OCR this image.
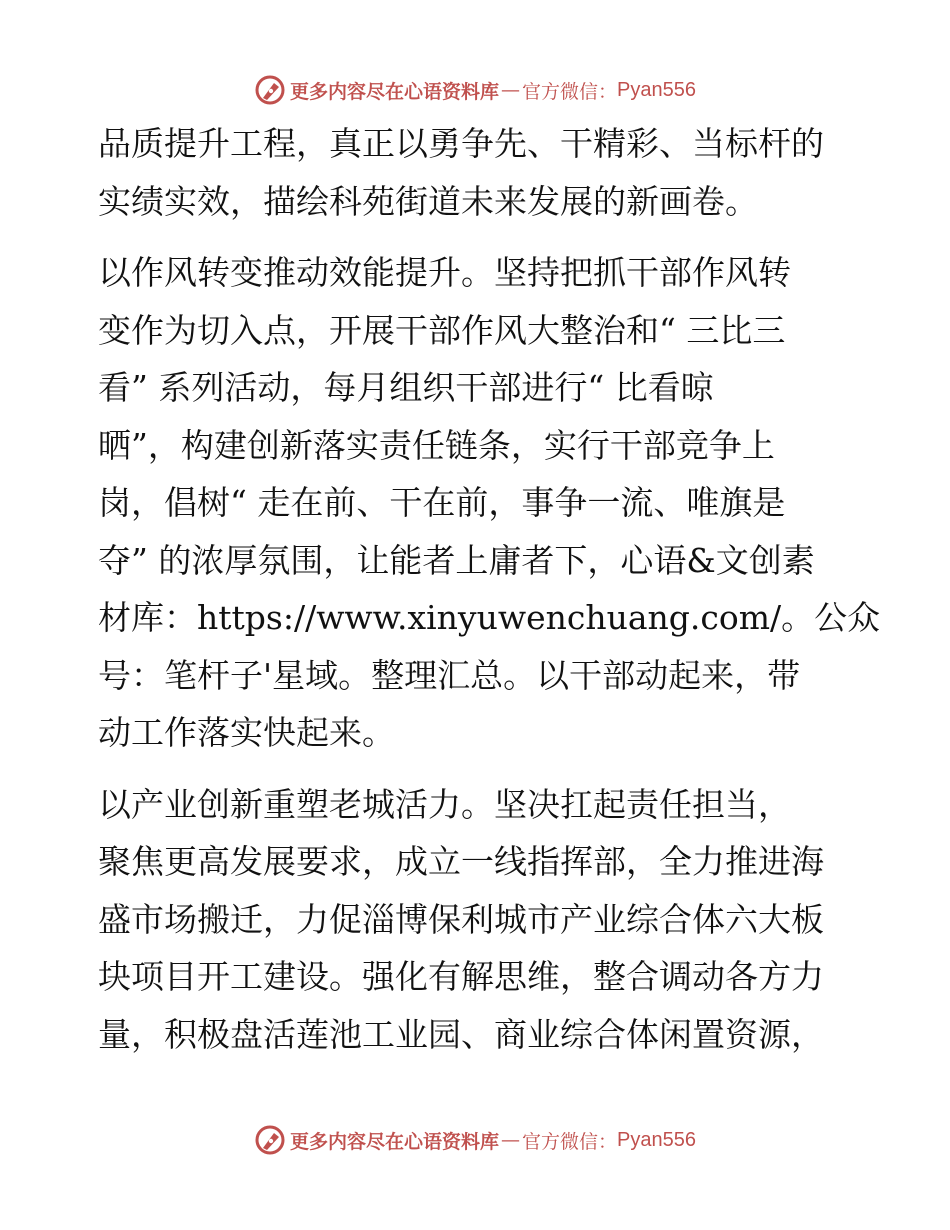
更多内容尽在心语资料库 — 官方微信： Pyan556
品质提升工程，真正以勇争先、干精彩、当标杆的
实绩实效，描绘科苑街道未来发展的新画卷。
以作风转变推动效能提升。坚持把抓干部作风转
变作为切入点，开展干部作风大整治和“ 三比三
看” 系列活动，每月组织干部进行“ 比看晾
晒”，构建创新落实责任链条，实行干部竞争上
岗，倡树“ 走在前、干在前，事争一流、唯旗是
夺” 的浓厚氛围，让能者上庸者下，心语&文创素
材库：https://www.xinyuwenchuang.com/。公众
号：笔杆子'星域。整理汇总。以干部动起来，带
动工作落实快起来。
以产业创新重塑老城活力。坚决扛起责任担当，
聚焦更高发展要求，成立一线指挥部，全力推进海
盛市场搬迁，力促淄博保利城市产业综合体六大板
块项目开工建设。强化有解思维，整合调动各方力
量，积极盘活莲池工业园、商业综合体闲置资源，
更多内容尽在心语资料库 — 官方微信： Pyan556
